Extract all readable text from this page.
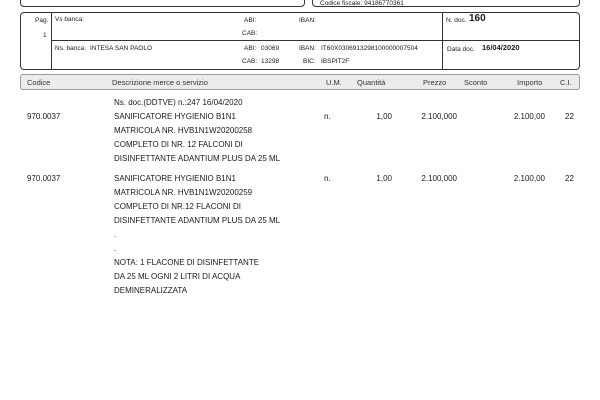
Codice fiscale: 94186770361
Pag.
1
Vs banca:	ABI:
CAB:
IBAN:	N. doc. 160
Ns. banca: INTESA SAN PAOLO	ABI: 03069
CAB: 13298
IBAN: IT60X0306913298100000007504
BIC: IBSPIT2F
Data doc. 16/04/2020
Codice	Descrizione merce o servizio	U.M. Quantità	Prezzo Sconto	Importo C.I.
Ns. doc.(DDTVE) n.:247 16/04/2020
970.0037	SANIFICATORE HYGIENIO B1N1
MATRICOLA NR. HVB1N1W20200258
COMPLETO DI NR. 12 FALCONI DI
DISINFETTANTE ADANTIUM PLUS DA 25 ML
n.	1,00	2.100,000	2.100,00	22
970.0037	SANIFICATORE HYGIENIO B1N1
MATRICOLA NR. HVB1N1W20200259
COMPLETO DI NR.12 FLACONI DI
DISINFETTANTE ADANTIUM PLUS DA 25 ML
n.	1,00	2.100,000	2.100,00	22
.
.
NOTA: 1 FLACONE DI DISINFETTANTE
DA 25 ML OGNI 2 LITRI DI ACQUA
DEMINERALIZZATA
